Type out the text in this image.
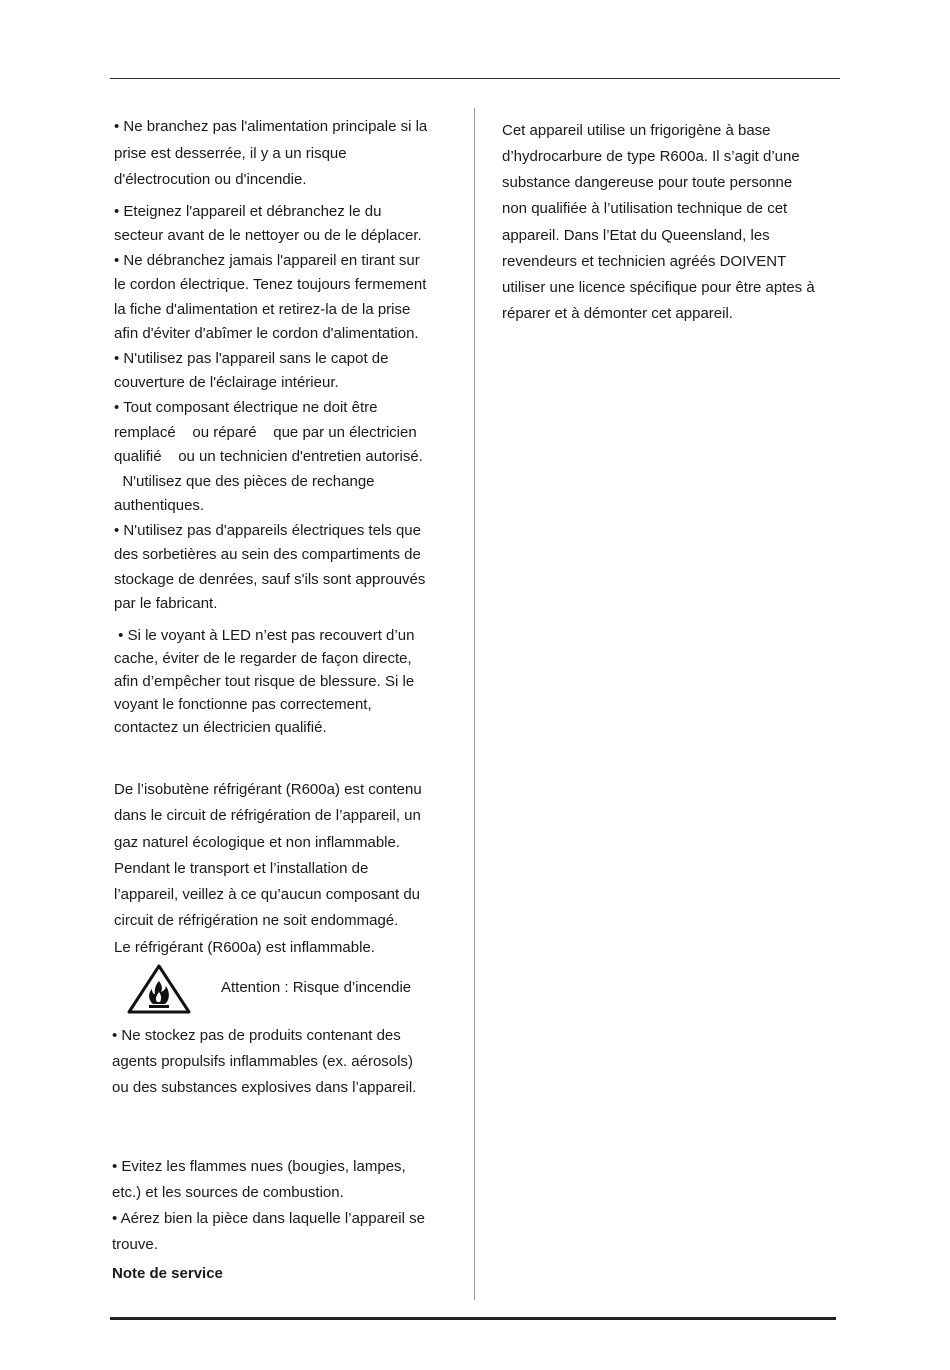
• Ne branchez pas l'alimentation principale si la
prise est desserrée, il y a un risque
d'électrocution ou d'incendie.
• Eteignez l'appareil et débranchez le du
secteur avant de le nettoyer ou de le déplacer.
• Ne débranchez jamais l'appareil en tirant sur
le cordon électrique. Tenez toujours fermement
la fiche d'alimentation et retirez-la de la prise
afin d'éviter d'abîmer le cordon d'alimentation.
• N'utilisez pas l'appareil sans le capot de
couverture de l'éclairage intérieur.
• Tout composant électrique ne doit être
remplacé    ou réparé    que par un électricien
qualifié    ou un technicien d'entretien autorisé.
N'utilisez que des pièces de rechange
authentiques.
• N'utilisez pas d'appareils électriques tels que
des sorbetières au sein des compartiments de
stockage de denrées, sauf s'ils sont approuvés
par le fabricant.
• Si le voyant à LED n’est pas recouvert d’un
cache, éviter de le regarder de façon directe,
afin d’empêcher tout risque de blessure. Si le
voyant le fonctionne pas correctement,
contactez un électricien qualifié.
De l’isobutène réfrigérant (R600a) est contenu
dans le circuit de réfrigération de l’appareil, un
gaz naturel écologique et non inflammable.
Pendant le transport et l’installation de
l’appareil, veillez à ce qu’aucun composant du
circuit de réfrigération ne soit endommagé.
Le réfrigérant (R600a) est inflammable.
Attention : Risque d’incendie
• Ne stockez pas de produits contenant des
agents propulsifs inflammables (ex. aérosols)
ou des substances explosives dans l’appareil.
• Evitez les flammes nues (bougies, lampes,
etc.) et les sources de combustion.
• Aérez bien la pièce dans laquelle l’appareil se
trouve.
Note de service
Cet appareil utilise un frigorigène à base
d’hydrocarbure de type R600a. Il s’agit d’une
substance dangereuse pour toute personne
non qualifiée à l’utilisation technique de cet
appareil. Dans l’Etat du Queensland, les
revendeurs et technicien agréés DOIVENT
utiliser une licence spécifique pour être aptes à
réparer et à démonter cet appareil.
